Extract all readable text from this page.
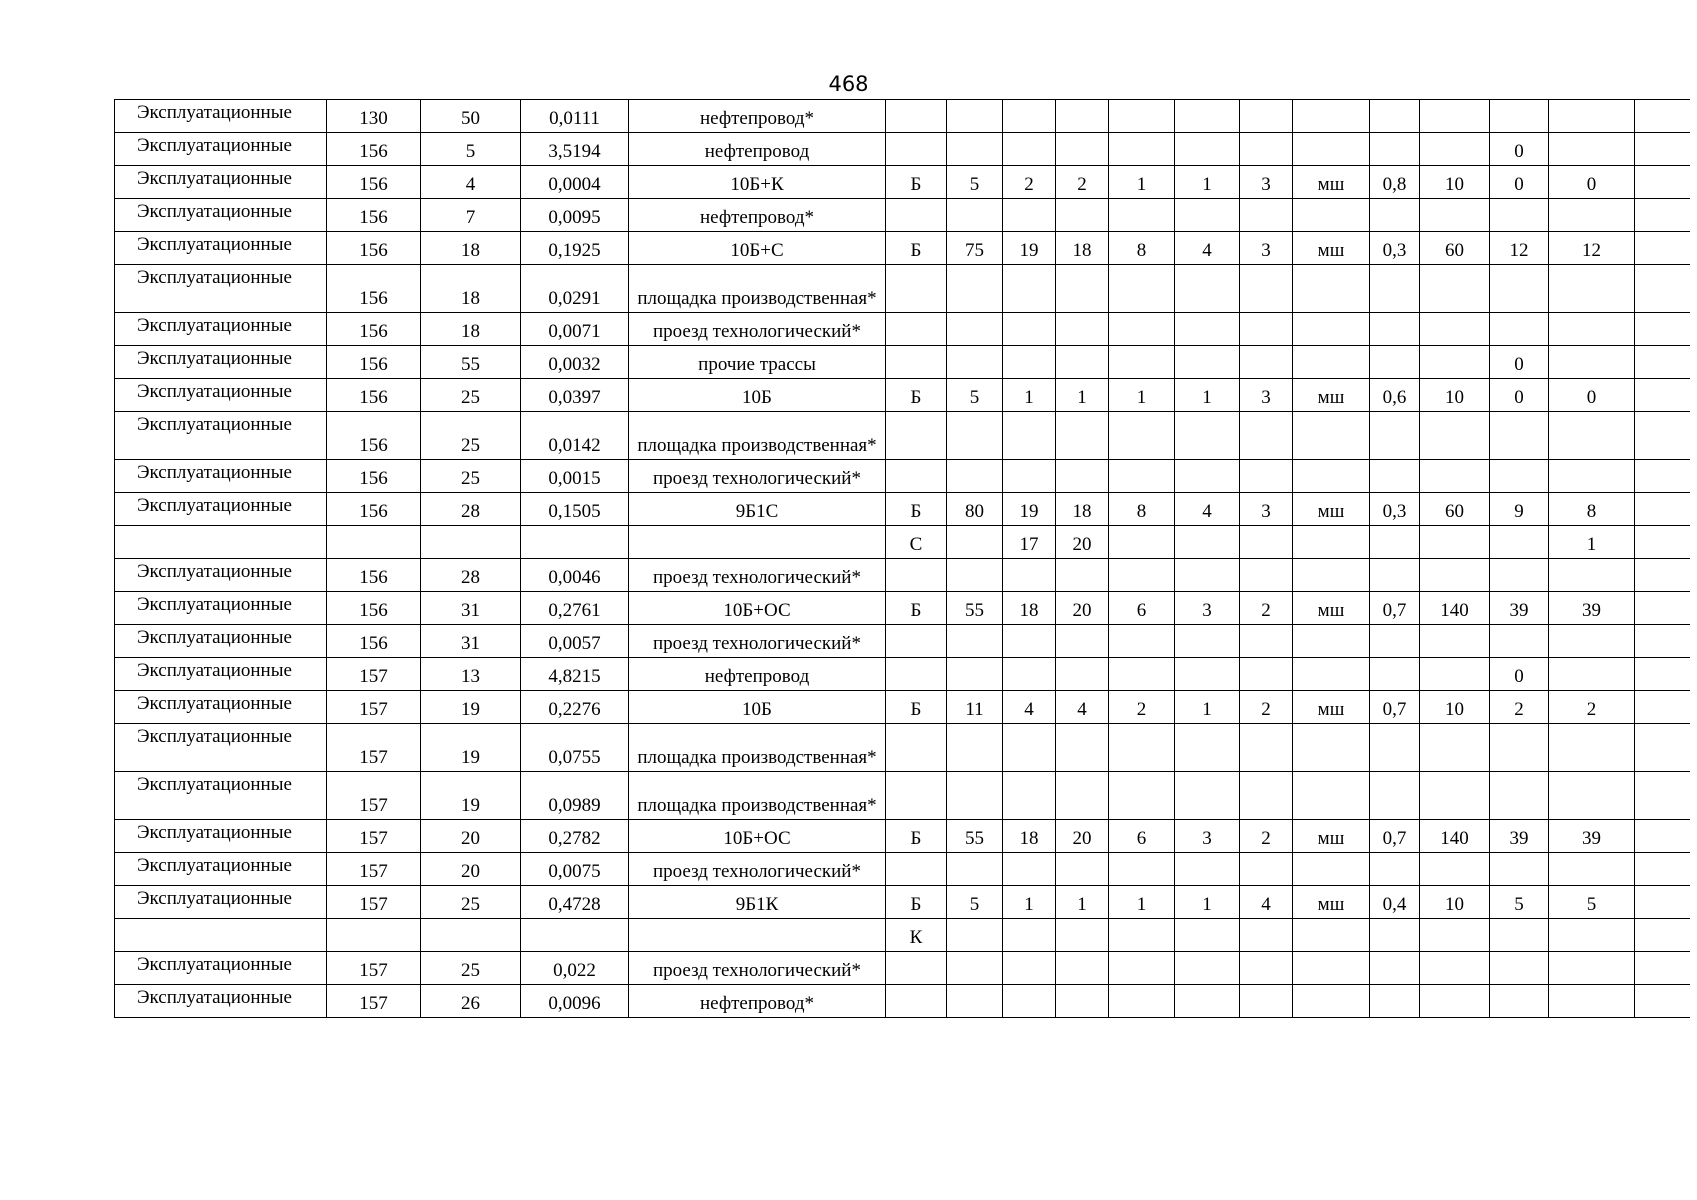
468
Эксплуатационные	130	50	0,0111	нефтепровод*													
Эксплуатационные	156	5	3,5194	нефтепровод											0		
Эксплуатационные	156	4	0,0004	10Б+К	Б	5	2	2	1	1	3	мш	0,8	10	0	0	
Эксплуатационные	156	7	0,0095	нефтепровод*													
Эксплуатационные	156	18	0,1925	10Б+С	Б	75	19	18	8	4	3	мш	0,3	60	12	12	
Эксплуатационные	156	18	0,0291	площадка производственная*													
Эксплуатационные	156	18	0,0071	проезд технологический*													
Эксплуатационные	156	55	0,0032	прочие трассы											0		
Эксплуатационные	156	25	0,0397	10Б	Б	5	1	1	1	1	3	мш	0,6	10	0	0	
Эксплуатационные	156	25	0,0142	площадка производственная*													
Эксплуатационные	156	25	0,0015	проезд технологический*													
Эксплуатационные	156	28	0,1505	9Б1С	Б	80	19	18	8	4	3	мш	0,3	60	9	8	
					С		17	20								1	
Эксплуатационные	156	28	0,0046	проезд технологический*													
Эксплуатационные	156	31	0,2761	10Б+ОС	Б	55	18	20	6	3	2	мш	0,7	140	39	39	
Эксплуатационные	156	31	0,0057	проезд технологический*													
Эксплуатационные	157	13	4,8215	нефтепровод											0		
Эксплуатационные	157	19	0,2276	10Б	Б	11	4	4	2	1	2	мш	0,7	10	2	2	
Эксплуатационные	157	19	0,0755	площадка производственная*													
Эксплуатационные	157	19	0,0989	площадка производственная*													
Эксплуатационные	157	20	0,2782	10Б+ОС	Б	55	18	20	6	3	2	мш	0,7	140	39	39	
Эксплуатационные	157	20	0,0075	проезд технологический*													
Эксплуатационные	157	25	0,4728	9Б1К	Б	5	1	1	1	1	4	мш	0,4	10	5	5	
					К												
Эксплуатационные	157	25	0,022	проезд технологический*													
Эксплуатационные	157	26	0,0096	нефтепровод*													
